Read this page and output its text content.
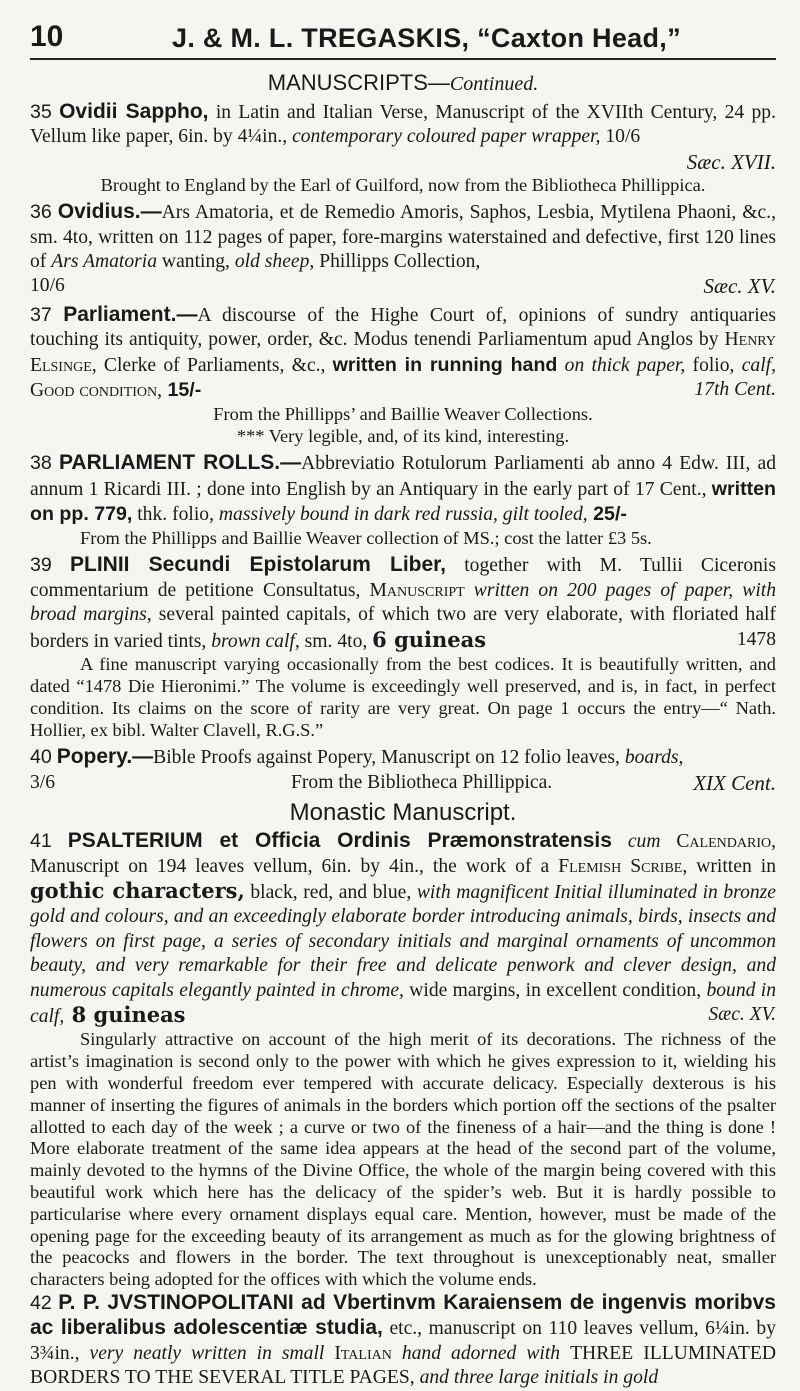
10	J. & M. L. TREGASKIS, “Caxton Head,”
MANUSCRIPTS—Continued.

35 Ovidii Sappho, in Latin and Italian Verse, Manuscript of the XVIIth Century, 24 pp. Vellum like paper, 6in. by 4¼in., contemporary coloured paper wrapper, 10/6

Sæc. XVII.

Brought to England by the Earl of Guilford, now from the Bibliotheca Phillippica.

36 Ovidius.—Ars Amatoria, et de Remedio Amoris, Saphos, Lesbia, Mytilena Phaoni, &c., sm. 4to, written on 112 pages of paper, fore-margins waterstained and defective, first 120 lines of Ars Amatoria wanting, old sheep, Phillipps Collection,

10/6	Sæc. XV.

37 Parliament.—A discourse of the Highe Court of, opinions of sundry antiquaries touching its antiquity, power, order, &c. Modus tenendi Parliamentum apud Anglos by Henry Elsinge, Clerke of Parliaments, &c., written in running hand on thick paper, folio, calf, Good condition, 15/-	17th Cent.

From the Phillipps’ and Baillie Weaver Collections.

*** Very legible, and, of its kind, interesting.

38 PARLIAMENT ROLLS.—Abbreviatio Rotulorum Parliamenti ab anno 4 Edw. III, ad annum 1 Ricardi III. ; done into English by an Antiquary in the early part of 17 Cent., written on pp. 779, thk. folio, massively bound in dark red russia, gilt tooled, 25/-

From the Phillipps and Baillie Weaver collection of MS.; cost the latter £3 5s.

39 PLINII Secundi Epistolarum Liber, together with M. Tullii Ciceronis commentarium de petitione Consultatus, Manuscript written on 200 pages of paper, with broad margins, several painted capitals, of which two are very elaborate, with floriated half borders in varied tints, brown calf, sm. 4to, 6 guineas	1478

A fine manuscript varying occasionally from the best codices. It is beautifully written, and dated “1478 Die Hieronimi.” The volume is exceedingly well preserved, and is, in fact, in perfect condition. Its claims on the score of rarity are very great. On page 1 occurs the entry—“ Nath. Hollier, ex bibl. Walter Clavell, R.G.S.”

40 Popery.—Bible Proofs against Popery, Manuscript on 12 folio leaves, boards,

3/6	From the Bibliotheca Phillippica.	XIX Cent.
Monastic Manuscript.

41 PSALTERIUM et Officia Ordinis Præmonstratensis cum Calendario, Manuscript on 194 leaves vellum, 6in. by 4in., the work of a Flemish Scribe, written in gothic characters, black, red, and blue, with magnificent Initial illuminated in bronze gold and colours, and an exceedingly elaborate border introducing animals, birds, insects and flowers on first page, a series of secondary initials and marginal ornaments of uncommon beauty, and very remarkable for their free and delicate penwork and clever design, and numerous capitals elegantly painted in chrome, wide margins, in excellent condition, bound in calf, 8 guineas	Sæc. XV.

Singularly attractive on account of the high merit of its decorations. The richness of the artist’s imagination is second only to the power with which he gives expression to it, wielding his pen with wonderful freedom ever tempered with accurate delicacy. Especially dexterous is his manner of inserting the figures of animals in the borders which portion off the sections of the psalter allotted to each day of the week ; a curve or two of the fineness of a hair—and the thing is done ! More elaborate treatment of the same idea appears at the head of the second part of the volume, mainly devoted to the hymns of the Divine Office, the whole of the margin being covered with this beautiful work which here has the delicacy of the spider’s web. But it is hardly possible to particularise where every ornament displays equal care. Mention, however, must be made of the opening page for the exceeding beauty of its arrangement as much as for the glowing brightness of the peacocks and flowers in the border. The text throughout is unexceptionably neat, smaller characters being adopted for the offices with which the volume ends.

42 P. P. JVSTINOPOLITANI ad Vbertinvm Karaiensem de ingenvis moribvs ac liberalibus adolescentiæ studia, etc., manuscript on 110 leaves vellum, 6¼in. by 3¾in., very neatly written in small Italian hand adorned with THREE ILLUMINATED BORDERS TO THE SEVERAL TITLE PAGES, and three large initials in gold
